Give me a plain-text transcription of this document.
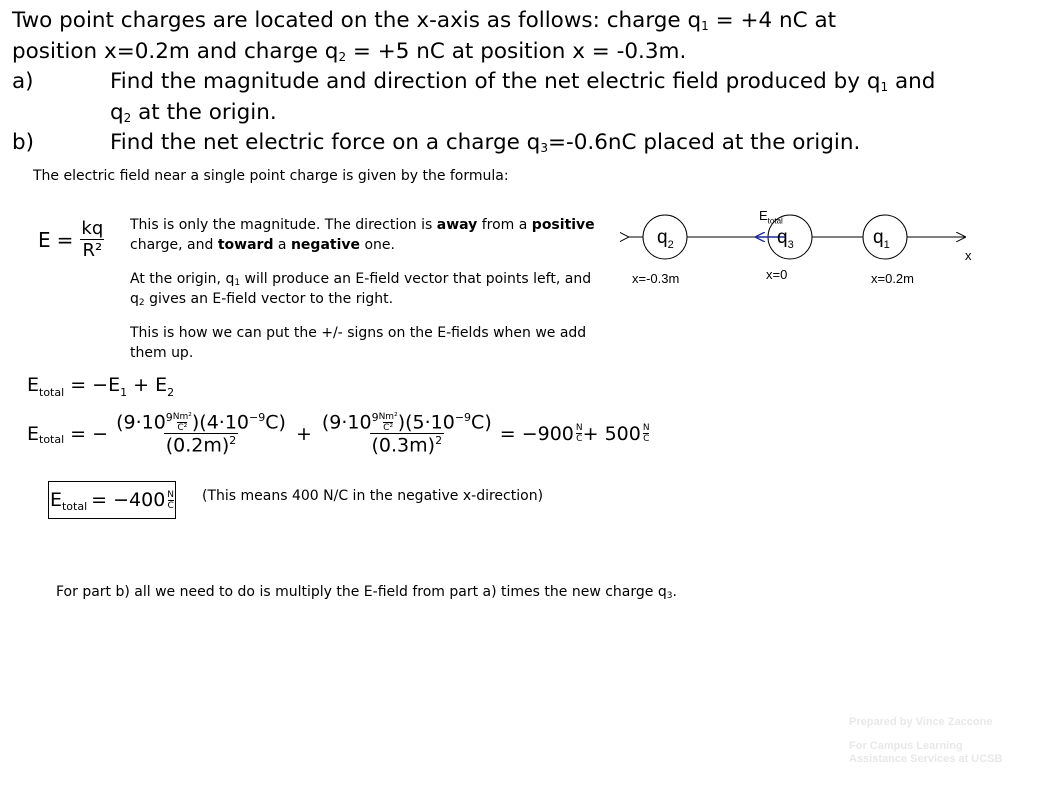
Two point charges are located on the x-axis as follows: charge $q_1 = +4$ nC at
position x=0.2m and charge $q_2 = +5$ nC at position x = -0.3m.
a)	Find the magnitude and direction of the net electric field produced by $q_1$ and
$q_2$ at the origin.
b)	Find the net electric force on a charge $q_3=-0.6nC$ placed at the origin.
The electric field near a single point charge is given by the formula:
$E = \frac{kq}{\text{R²}}$ This is only the magnitude. The direction is away from a positive charge, and toward a negative one.
At the origin, $q_1$ will produce an E-field vector that points left, and $q_2$ gives an E-field vector to the right.
This is how we can put the +/- signs on the E-fields when we add them up.
$q_2$	$q_3$	$q_1$
$E_{total}$
x
x=-0.3m	x=0	x=0.2m
$E_{total} = -E_1 + E_2$
$E_{total}$ = − $\frac{(9\cdot 10^9 \frac{\text{Nm²}}{\text{C²}} )(4\cdot 10^{-9}C)}{(0.2m)^2} + \frac{(9\cdot 10^9 \frac{\text{Nm²}}{\text{C²}} )(5\cdot 10^{-9}C)}{(0.3m)^2} = -900$ N
C + 500 N
C
$E_{total} = -400$ N
C
(This means 400 N/C in the negative x-direction)
For part b) all we need to do is multiply the E-field from part a) times the new charge $q_3$.
Prepared by Vince Zaccone
For Campus Learning
Assistance Services at UCSB
